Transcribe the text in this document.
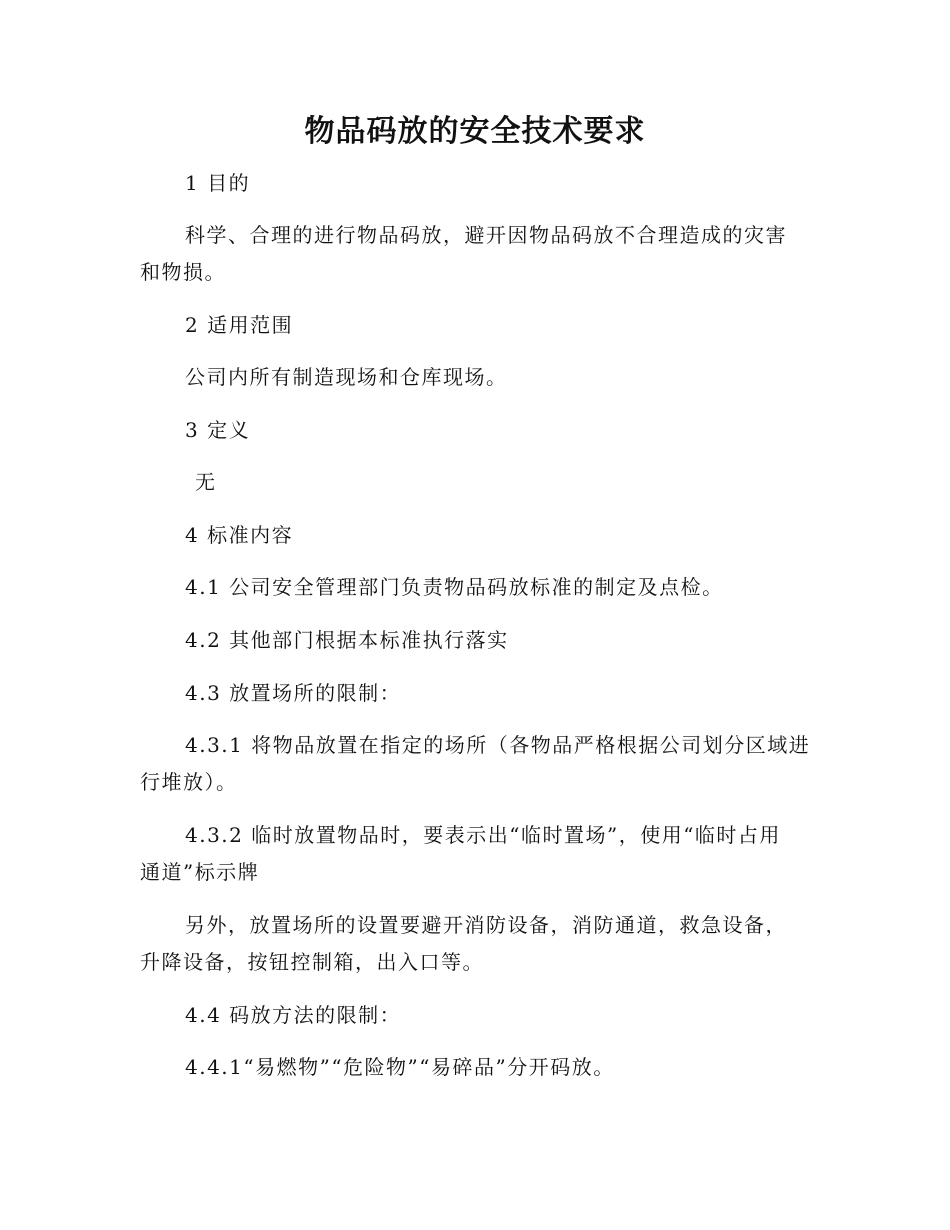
物品码放的安全技术要求
1 目的
科学、合理的进行物品码放，避开因物品码放不合理造成的灾害
和物损。
2 适用范围
公司内所有制造现场和仓库现场。
3 定义
无
4 标准内容
4.1 公司安全管理部门负责物品码放标准的制定及点检。
4.2 其他部门根据本标准执行落实
4.3 放置场所的限制：
4.3.1 将物品放置在指定的场所（各物品严格根据公司划分区域进
行堆放）。
4.3.2 临时放置物品时，要表示出“临时置场”，使用“临时占用
通道”标示牌
另外，放置场所的设置要避开消防设备，消防通道，救急设备，
升降设备，按钮控制箱，出入口等。
4.4 码放方法的限制：
4.4.1“易燃物”“危险物”“易碎品”分开码放。
